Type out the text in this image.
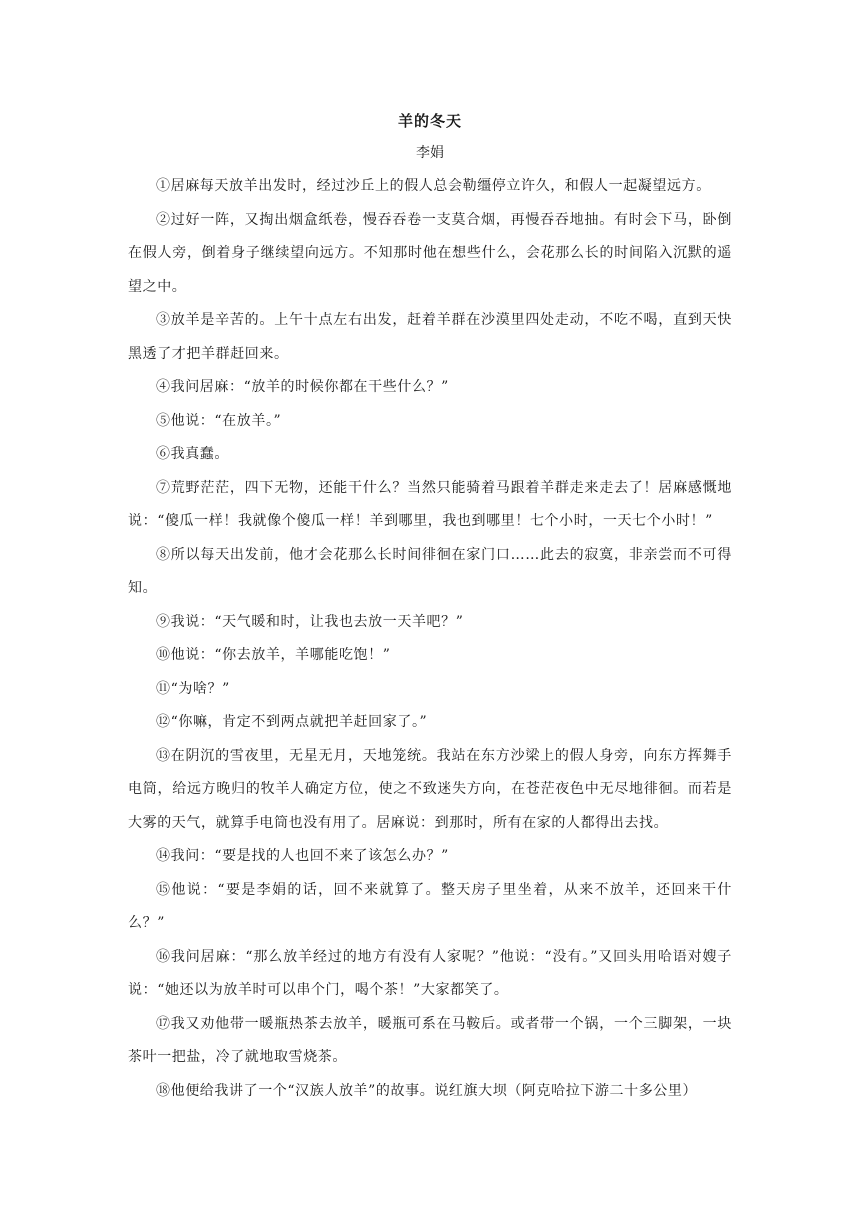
羊的冬天
李娟

①居麻每天放羊出发时，经过沙丘上的假人总会勒缰停立许久，和假人一起凝望远方。

②过好一阵，又掏出烟盒纸卷，慢吞吞卷一支莫合烟，再慢吞吞地抽。有时会下马，卧倒在假人旁，倒着身子继续望向远方。不知那时他在想些什么，会花那么长的时间陷入沉默的遥望之中。

③放羊是辛苦的。上午十点左右出发，赶着羊群在沙漠里四处走动，不吃不喝，直到天快黑透了才把羊群赶回来。

④我问居麻：“放羊的时候你都在干些什么？”

⑤他说：“在放羊。”

⑥我真蠢。

⑦荒野茫茫，四下无物，还能干什么？当然只能骑着马跟着羊群走来走去了！居麻感慨地说：“傻瓜一样！我就像个傻瓜一样！羊到哪里，我也到哪里！七个小时，一天七个小时！”

⑧所以每天出发前，他才会花那么长时间徘徊在家门口……此去的寂寞，非亲尝而不可得知。

⑨我说：“天气暖和时，让我也去放一天羊吧？”

⑩他说：“你去放羊，羊哪能吃饱！”

⑪“为啥？”

⑫“你嘛，肯定不到两点就把羊赶回家了。”

⑬在阴沉的雪夜里，无星无月，天地笼统。我站在东方沙梁上的假人身旁，向东方挥舞手电筒，给远方晚归的牧羊人确定方位，使之不致迷失方向，在苍茫夜色中无尽地徘徊。而若是大雾的天气，就算手电筒也没有用了。居麻说：到那时，所有在家的人都得出去找。

⑭我问：“要是找的人也回不来了该怎么办？”

⑮他说：“要是李娟的话，回不来就算了。整天房子里坐着，从来不放羊，还回来干什么？”

⑯我问居麻：“那么放羊经过的地方有没有人家呢？”他说：“没有。”又回头用哈语对嫂子说：“她还以为放羊时可以串个门，喝个茶！”大家都笑了。

⑰我又劝他带一暖瓶热茶去放羊，暖瓶可系在马鞍后。或者带一个锅，一个三脚架，一块茶叶一把盐，冷了就地取雪烧茶。

⑱他便给我讲了一个“汉族人放羊”的故事。说红旗大坝（阿克哈拉下游二十多公里）
